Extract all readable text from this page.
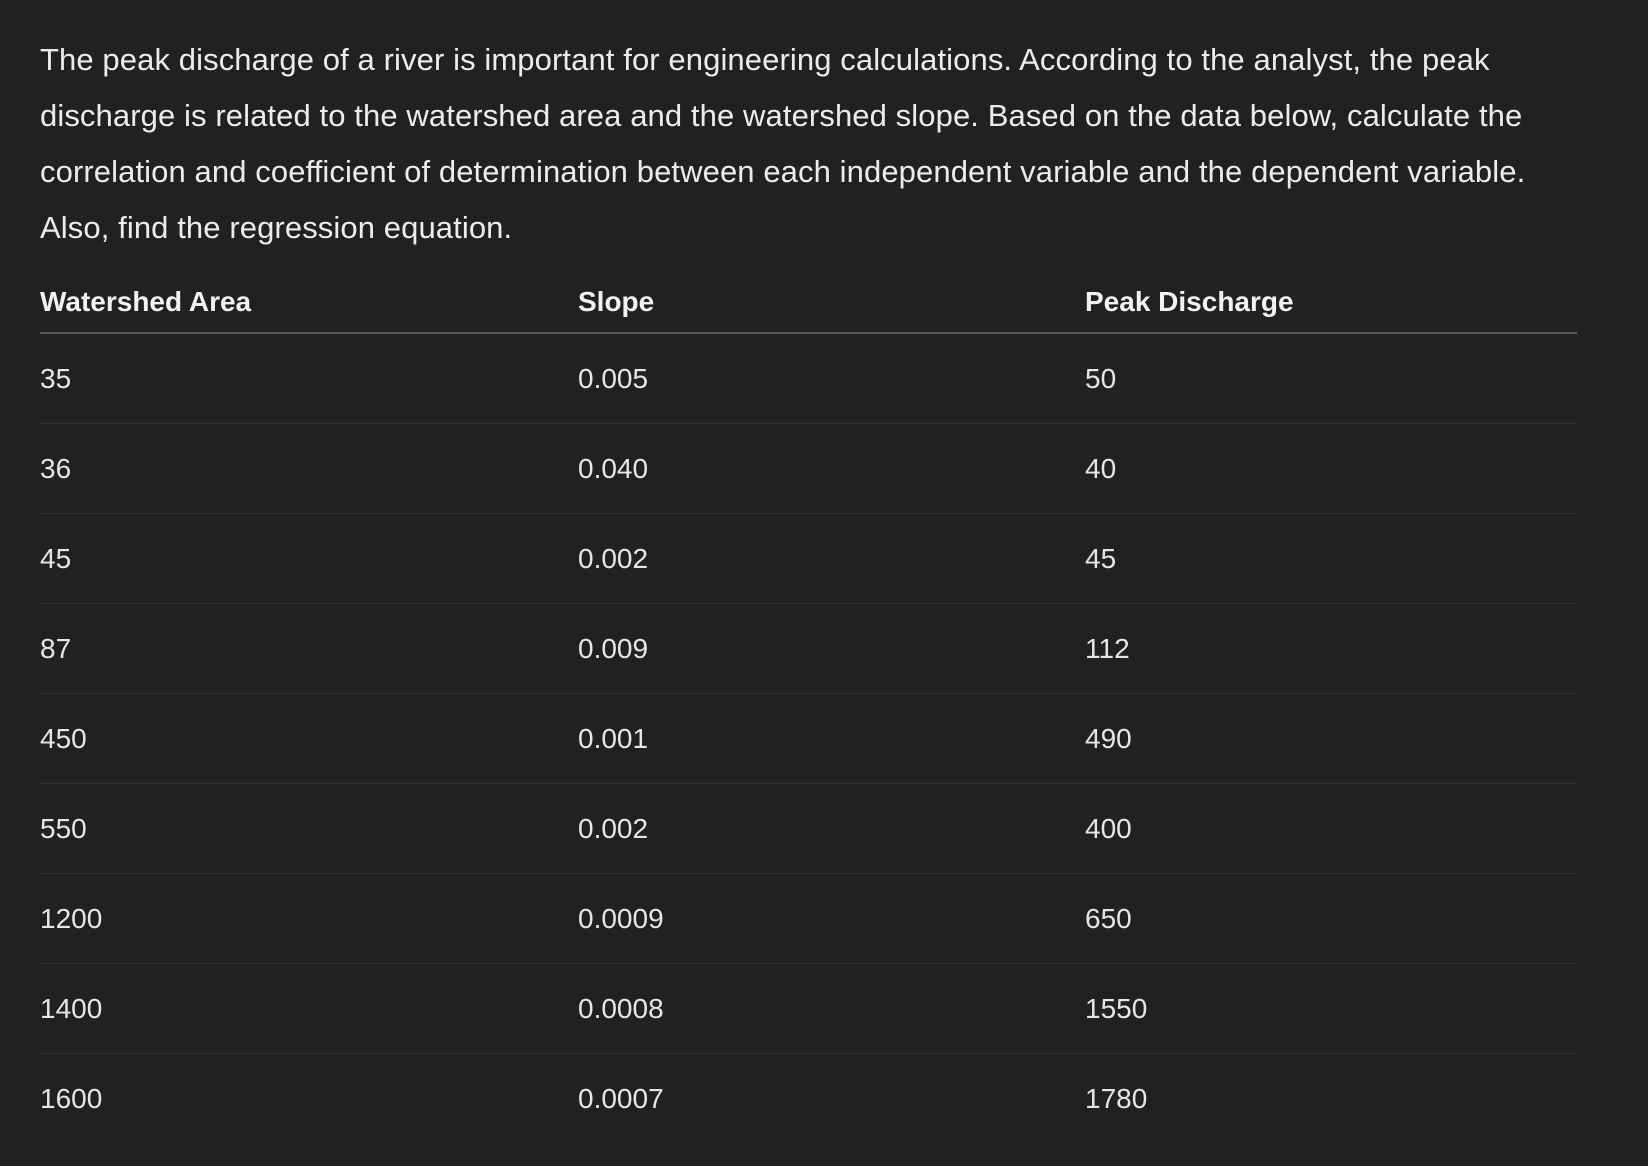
The peak discharge of a river is important for engineering calculations. According to the analyst, the peak discharge is related to the watershed area and the watershed slope. Based on the data below, calculate the correlation and coefficient of determination between each independent variable and the dependent variable. Also, find the regression equation.

Watershed Area	Slope	Peak Discharge
35	0.005	50
36	0.040	40
45	0.002	45
87	0.009	112
450	0.001	490
550	0.002	400
1200	0.0009	650
1400	0.0008	1550
1600	0.0007	1780
